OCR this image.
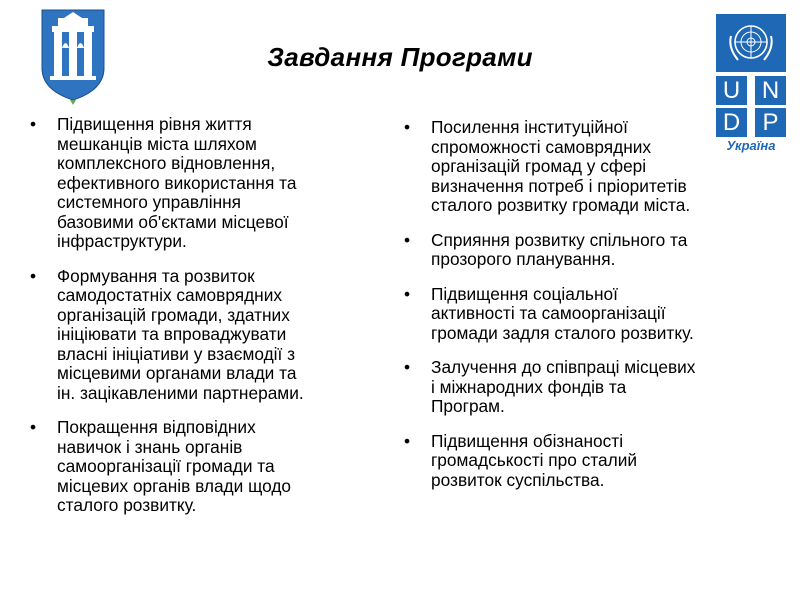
Завдання Програми
U N
D P
Україна
• Підвищення рівня життя
мешканців міста шляхом
комплексного відновлення,
ефективного використання та
системного управління
базовими об'єктами місцевої
інфраструктури.
• Формування та розвиток
самодостатніх самоврядних
організацій громади, здатних
ініціювати та впроваджувати
власні ініціативи у взаємодії з
місцевими органами влади та
ін. зацікавленими партнерами.
• Покращення відповідних
навичок і знань органів
самоорганізації громади та
місцевих органів влади щодо
сталого розвитку.
• Посилення інституційної
спроможності самоврядних
організацій громад у сфері
визначення потреб і пріоритетів
сталого розвитку громади міста.
• Сприяння розвитку спільного та
прозорого планування.
• Підвищення соціальної
активності та самоорганізації
громади задля сталого розвитку.
• Залучення до співпраці місцевих
і міжнародних фондів та
Програм.
• Підвищення обізнаності
громадськості про сталий
розвиток суспільства.
